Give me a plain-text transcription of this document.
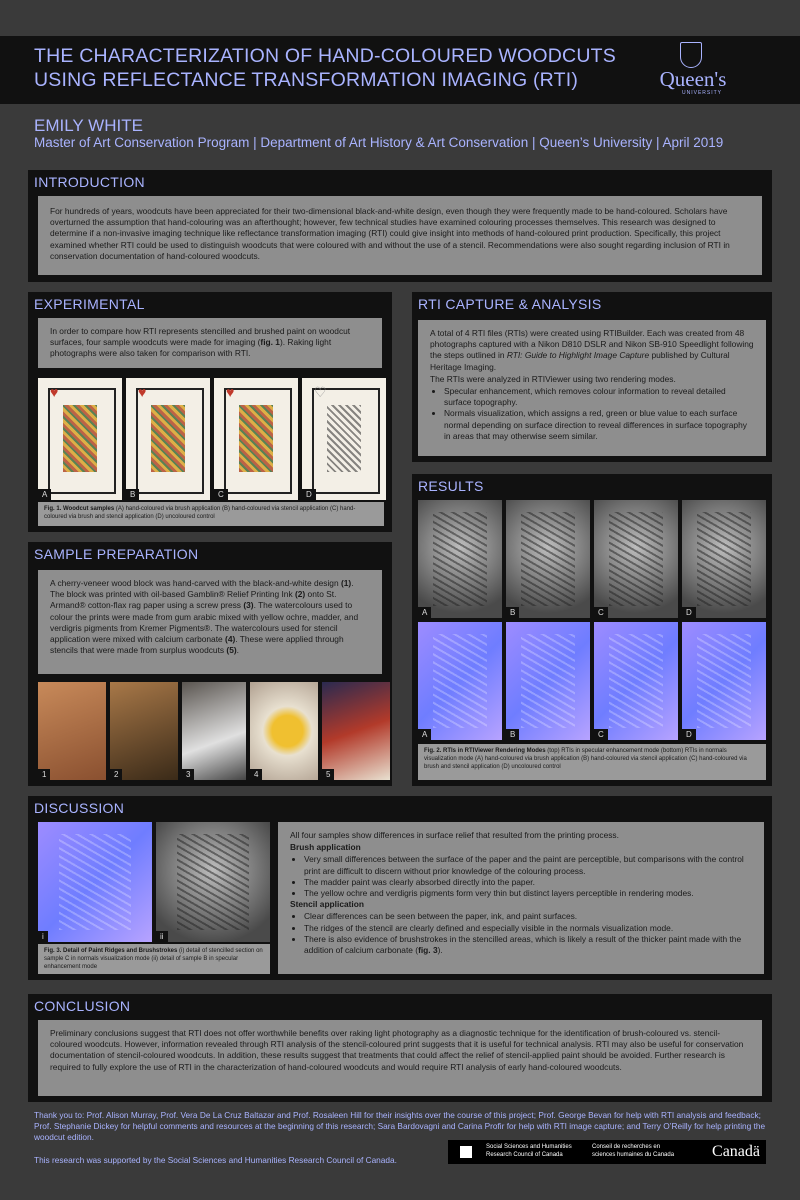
THE CHARACTERIZATION OF HAND-COLOURED WOODCUTS
USING REFLECTANCE TRANSFORMATION IMAGING (RTI)	Queen's
UNIVERSITY
EMILY WHITE
Master of Art Conservation Program | Department of Art History & Art Conservation | Queen’s University | April 2019
INTRODUCTION
For hundreds of years, woodcuts have been appreciated for their two-dimensional black-and-white design, even though they were frequently made to be hand-coloured. Scholars have overturned the assumption that hand-colouring was an afterthought; however, few technical studies have examined colouring processes themselves. This research was designed to determine if a non-invasive imaging technique like reflectance transformation imaging (RTI) could give insight into methods of hand-coloured print production. Specifically, this project examined whether RTI could be used to distinguish woodcuts that were coloured with and without the use of a stencil. Recommendations were also sought regarding inclusion of RTI in conservation documentation of hand-coloured woodcuts.
EXPERIMENTAL
In order to compare how RTI represents stencilled and brushed paint on woodcut surfaces, four sample woodcuts were made for imaging (fig. 1). Raking light photographs were also taken for comparison with RTI.
♥
A
♥
B
♥
C
♡
D
Fig. 1. Woodcut samples (A) hand-coloured via brush application (B) hand-coloured via stencil application (C) hand-coloured via brush and stencil application (D) uncoloured control
SAMPLE PREPARATION
A cherry-veneer wood block was hand-carved with the black-and-white design (1). The block was printed with oil-based Gamblin® Relief Printing Ink (2) onto St. Armand® cotton-flax rag paper using a screw press (3). The watercolours used to colour the prints were made from gum arabic mixed with yellow ochre, madder, and verdigris pigments from Kremer Pigments®. The watercolours used for stencil application were mixed with calcium carbonate (4). These were applied through stencils that were made from surplus woodcuts (5).
1	2	3	4	5
RTI CAPTURE & ANALYSIS

A total of 4 RTI files (RTIs) were created using RTIBuilder. Each was created from 48 photographs captured with a Nikon D810 DSLR and Nikon SB-910 Speedlight following the steps outlined in RTI: Guide to Highlight Image Capture published by Cultural Heritage Imaging.

The RTIs were analyzed in RTIViewer using two rendering modes.

• Specular enhancement, which removes colour information to reveal detailed surface topography.
• Normals visualization, which assigns a red, green or blue value to each surface normal depending on surface direction to reveal differences in surface topography in areas that may otherwise seem similar.
RESULTS
A	B	C	D
A	B	C	D
Fig. 2. RTIs in RTIViewer Rendering Modes (top) RTIs in specular enhancement mode (bottom) RTIs in normals visualization mode (A) hand-coloured via brush application (B) hand-coloured via stencil application (C) hand-coloured via brush and stencil application (D) uncoloured control
DISCUSSION
i	ii
Fig. 3. Detail of Paint Ridges and Brushstrokes (i) detail of stencilled section on sample C in normals visualization mode (ii) detail of sample B in specular enhancement mode

All four samples show differences in surface relief that resulted from the printing process.

Brush application

• Very small differences between the surface of the paper and the paint are perceptible, but comparisons with the control print are difficult to discern without prior knowledge of the colouring process.
• The madder paint was clearly absorbed directly into the paper.
• The yellow ochre and verdigris pigments form very thin but distinct layers perceptible in rendering modes.

Stencil application

• Clear differences can be seen between the paper, ink, and paint surfaces.
• The ridges of the stencil are clearly defined and especially visible in the normals visualization mode.
• There is also evidence of brushstrokes in the stencilled areas, which is likely a result of the thicker paint made with the addition of calcium carbonate (fig. 3).
CONCLUSION
Preliminary conclusions suggest that RTI does not offer worthwhile benefits over raking light photography as a diagnostic technique for the identification of brush-coloured vs. stencil-coloured woodcuts. However, information revealed through RTI analysis of the stencil-coloured print suggests that it is useful for technical analysis. RTI may also be useful for conservation documentation of stencil-coloured woodcuts. In addition, these results suggest that treatments that could affect the relief of stencil-applied paint should be avoided. Further research is required to fully explore the use of RTI in the characterization of hand-coloured woodcuts and would require RTI analysis of early hand-coloured woodcuts.
Thank you to: Prof. Alison Murray, Prof. Vera De La Cruz Baltazar and Prof. Rosaleen Hill for their insights over the course of this project; Prof. George Bevan for help with RTI analysis and feedback; Prof. Stephanie Dickey for helpful comments and resources at the beginning of this research; Sara Bardovagni and Carina Profir for help with RTI image capture; and Terry O’Reilly for help printing the woodcut edition.
This research was supported by the Social Sciences and Humanities Research Council of Canada.
Social Sciences and Humanities
Research Council of Canada
Conseil de recherches en
sciences humaines du Canada Canadä
